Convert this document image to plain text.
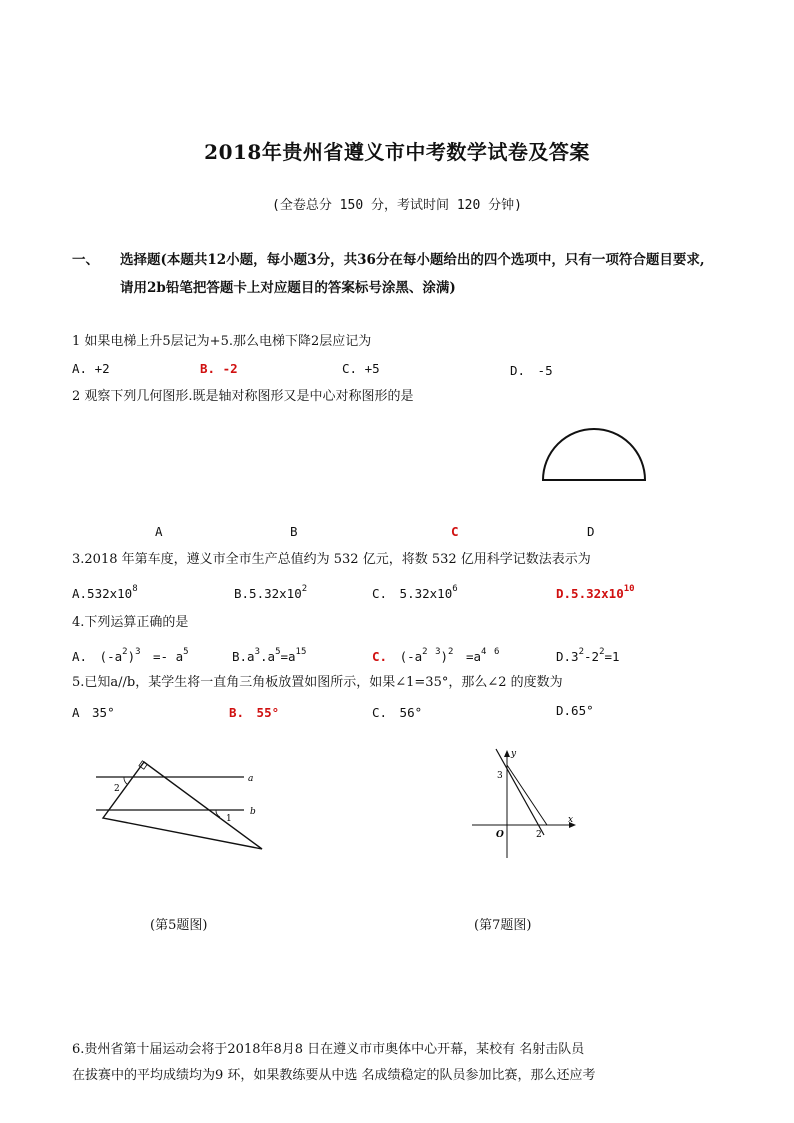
2018年贵州省遵义市中考数学试卷及答案
(全卷总分 150 分，考试时间 120 分钟)
一、 选择题(本题共12小题，每小题3分，共36分在每小题给出的四个选项中，只有一项符合题目要求,
请用2b铅笔把答题卡上对应题目的答案标号涂黑、涂满)
1 如果电梯上升5层记为+5.那么电梯下降2层应记为
A. +2	B. -2	C. +5	D.　-5
2 观察下列几何图形.既是轴对称图形又是中心对称图形的是
A	B	C	D
3.2018 年第车度，遵义市全市生产总值约为 532 亿元，将数 532 亿用科学记数法表示为
$A.532x10^8$	$B.5.32x10^2$	C.　$5.32x10^6$	$D.5.32x10^{10}$
4.下列运算正确的是
A.　$(-a^2)^3$　=- $a^5$	$B.a^3.a^5=a^{15}$	C.　($-a^2$ $^3$)$^2$　$=a^4$ $^6$	$D.3^2-2^2=1$
5.已知a//b，某学生将一直角三角板放置如图所示，如果∠1=35°，那么∠2 的度数为
A　35°	B.　55°	C.　56°	D.65°
a
b
1
2
(第5题图)
y
x
O
3
2
(第7题图)
6.贵州省第十届运动会将于2018年8月8 日在遵义市市奥体中心开幕，某校有 名射击队员
在拔赛中的平均成绩均为9 环，如果教练要从中选 名成绩稳定的队员参加比赛，那么还应考
